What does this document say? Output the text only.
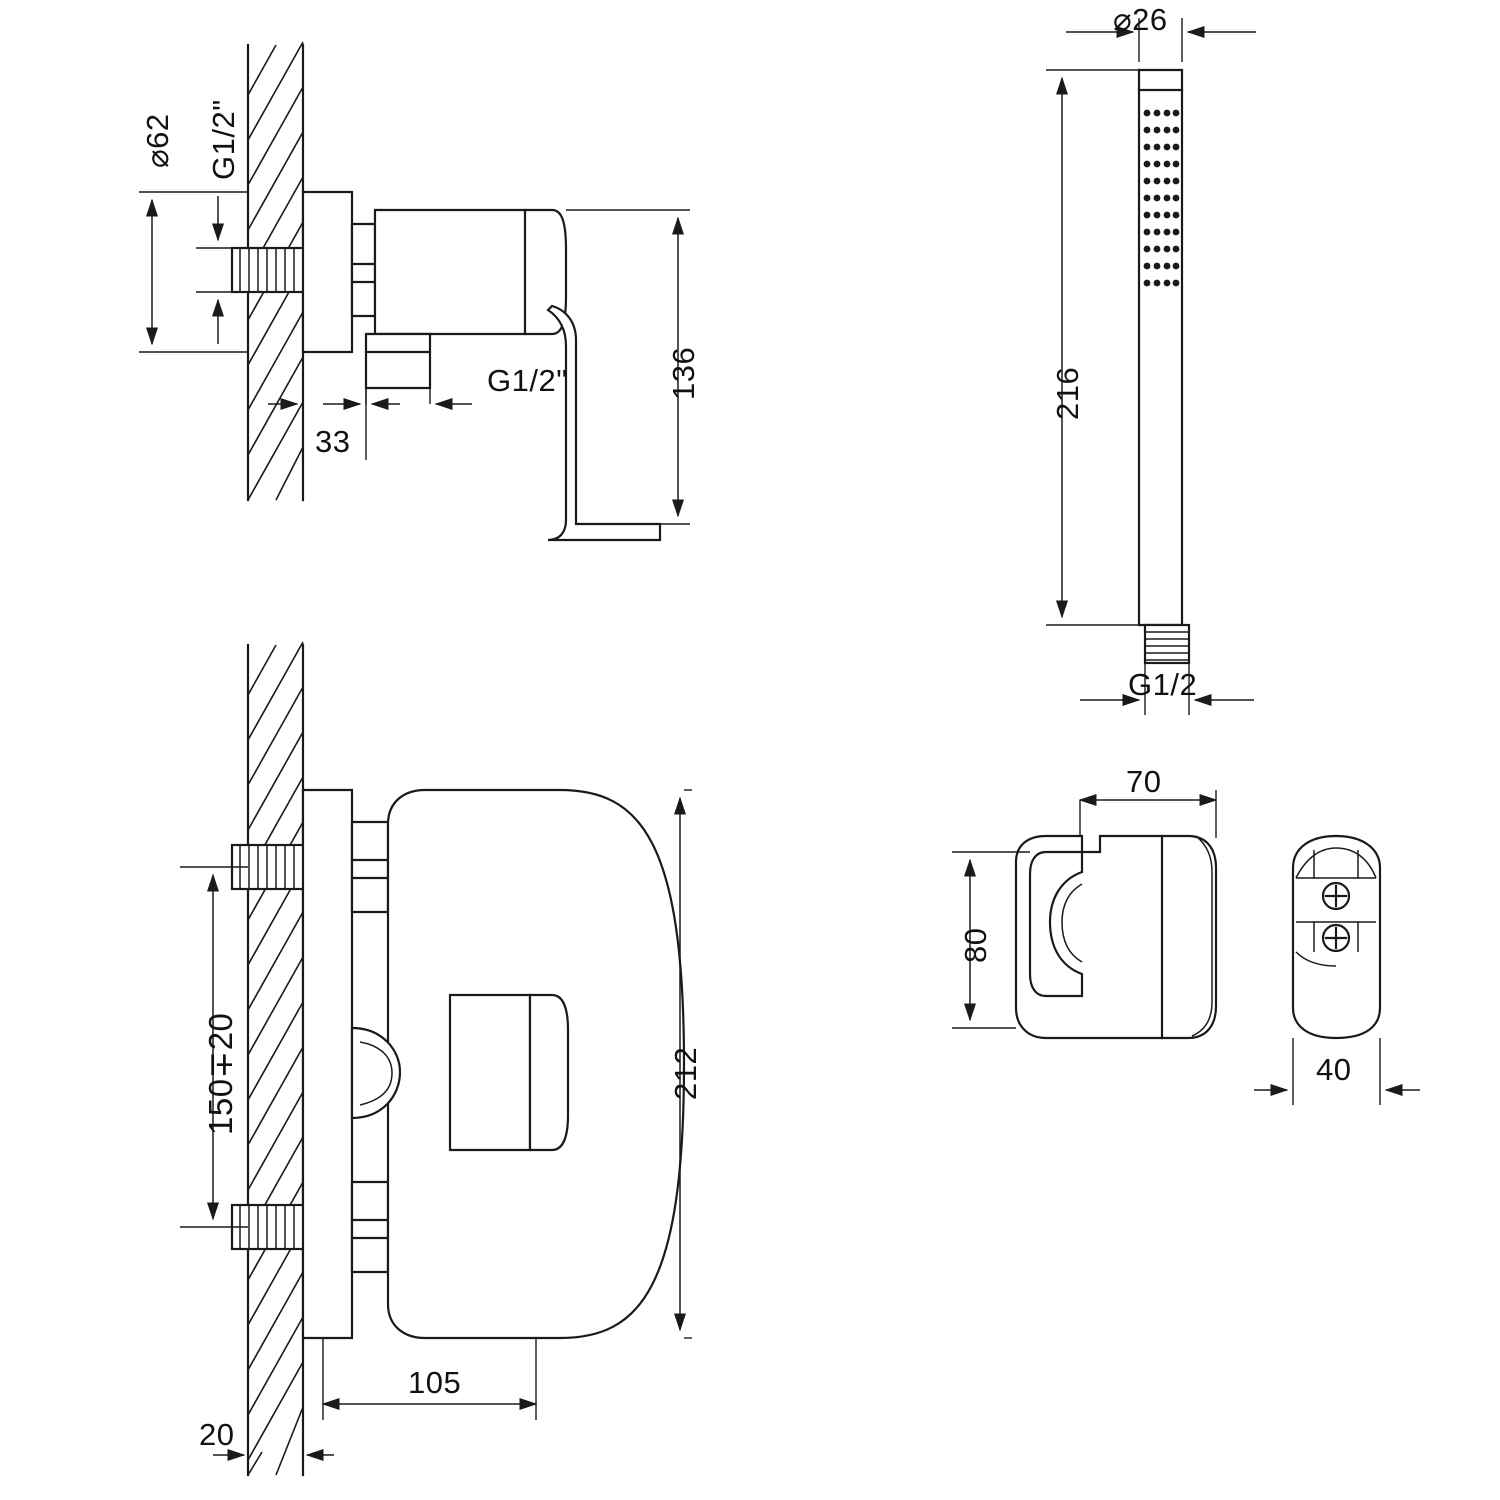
⌀62 G1/2"
33
G1/2"	136
150∓20	212
105
20
⌀26
216
G1/2
70
80
40
